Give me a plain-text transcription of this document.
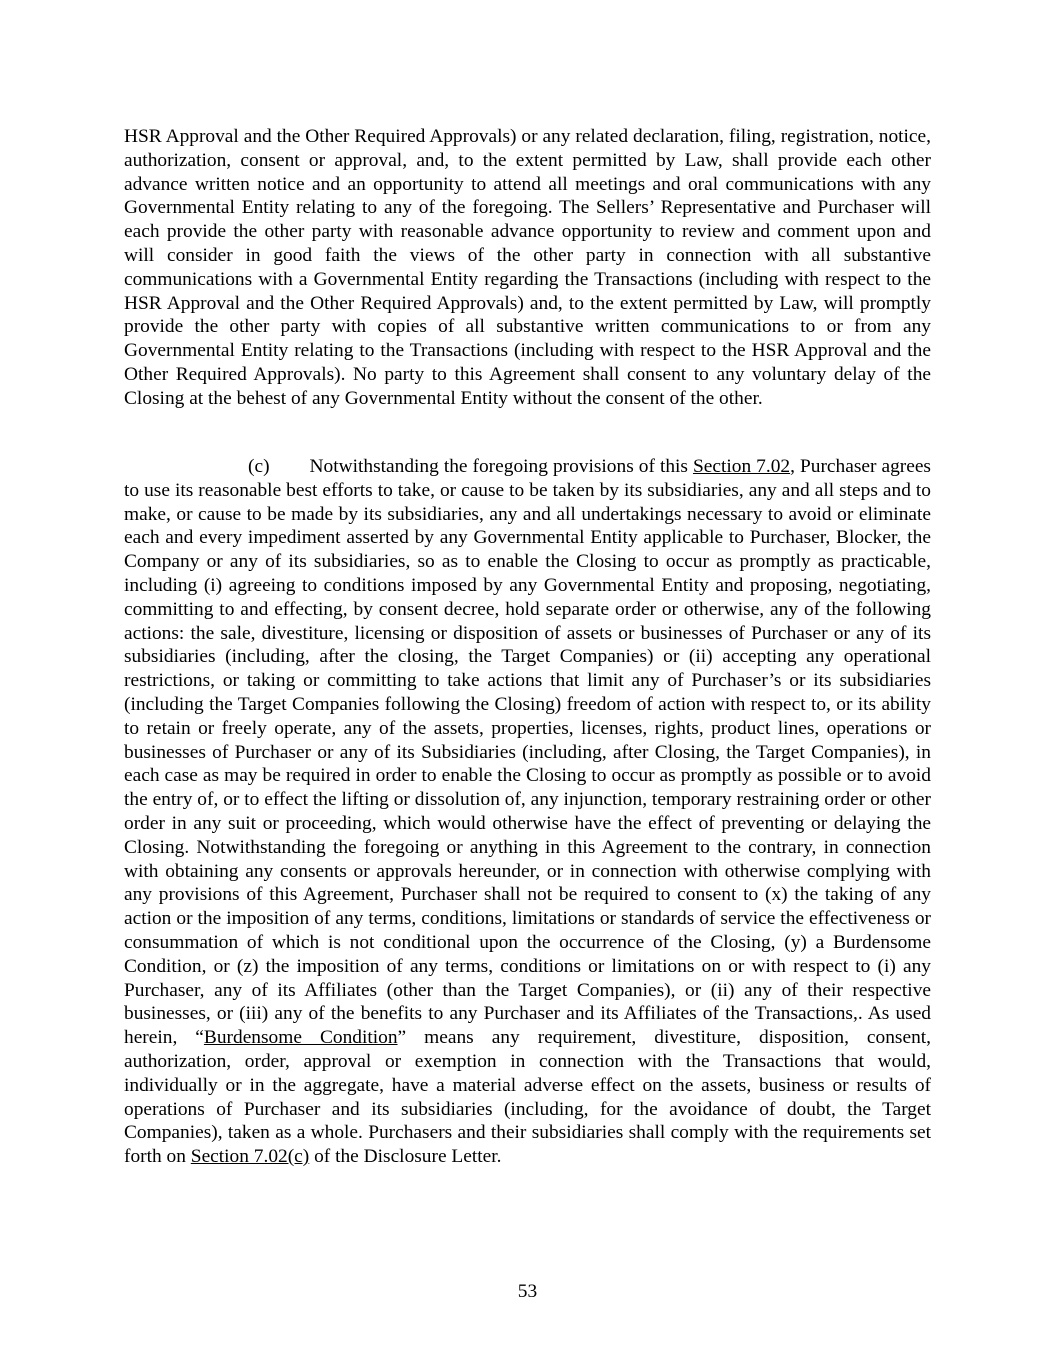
HSR Approval and the Other Required Approvals) or any related declaration, filing, registration, notice, authorization, consent or approval, and, to the extent permitted by Law, shall provide each other advance written notice and an opportunity to attend all meetings and oral communications with any Governmental Entity relating to any of the foregoing. The Sellers’ Representative and Purchaser will each provide the other party with reasonable advance opportunity to review and comment upon and will consider in good faith the views of the other party in connection with all substantive communications with a Governmental Entity regarding the Transactions (including with respect to the HSR Approval and the Other Required Approvals) and, to the extent permitted by Law, will promptly provide the other party with copies of all substantive written communications to or from any Governmental Entity relating to the Transactions (including with respect to the HSR Approval and the Other Required Approvals). No party to this Agreement shall consent to any voluntary delay of the Closing at the behest of any Governmental Entity without the consent of the other.

(c) Notwithstanding the foregoing provisions of this Section 7.02, Purchaser agrees to use its reasonable best efforts to take, or cause to be taken by its subsidiaries, any and all steps and to make, or cause to be made by its subsidiaries, any and all undertakings necessary to avoid or eliminate each and every impediment asserted by any Governmental Entity applicable to Purchaser, Blocker, the Company or any of its subsidiaries, so as to enable the Closing to occur as promptly as practicable, including (i) agreeing to conditions imposed by any Governmental Entity and proposing, negotiating, committing to and effecting, by consent decree, hold separate order or otherwise, any of the following actions: the sale, divestiture, licensing or disposition of assets or businesses of Purchaser or any of its subsidiaries (including, after the closing, the Target Companies) or (ii) accepting any operational restrictions, or taking or committing to take actions that limit any of Purchaser’s or its subsidiaries (including the Target Companies following the Closing) freedom of action with respect to, or its ability to retain or freely operate, any of the assets, properties, licenses, rights, product lines, operations or businesses of Purchaser or any of its Subsidiaries (including, after Closing, the Target Companies), in each case as may be required in order to enable the Closing to occur as promptly as possible or to avoid the entry of, or to effect the lifting or dissolution of, any injunction, temporary restraining order or other order in any suit or proceeding, which would otherwise have the effect of preventing or delaying the Closing. Notwithstanding the foregoing or anything in this Agreement to the contrary, in connection with obtaining any consents or approvals hereunder, or in connection with otherwise complying with any provisions of this Agreement, Purchaser shall not be required to consent to (x) the taking of any action or the imposition of any terms, conditions, limitations or standards of service the effectiveness or consummation of which is not conditional upon the occurrence of the Closing, (y) a Burdensome Condition, or (z) the imposition of any terms, conditions or limitations on or with respect to (i) any Purchaser, any of its Affiliates (other than the Target Companies), or (ii) any of their respective businesses, or (iii) any of the benefits to any Purchaser and its Affiliates of the Transactions,. As used herein, “Burdensome Condition” means any requirement, divestiture, disposition, consent, authorization, order, approval or exemption in connection with the Transactions that would, individually or in the aggregate, have a material adverse effect on the assets, business or results of operations of Purchaser and its subsidiaries (including, for the avoidance of doubt, the Target Companies), taken as a whole. Purchasers and their subsidiaries shall comply with the requirements set forth on Section 7.02(c) of the Disclosure Letter.

53
